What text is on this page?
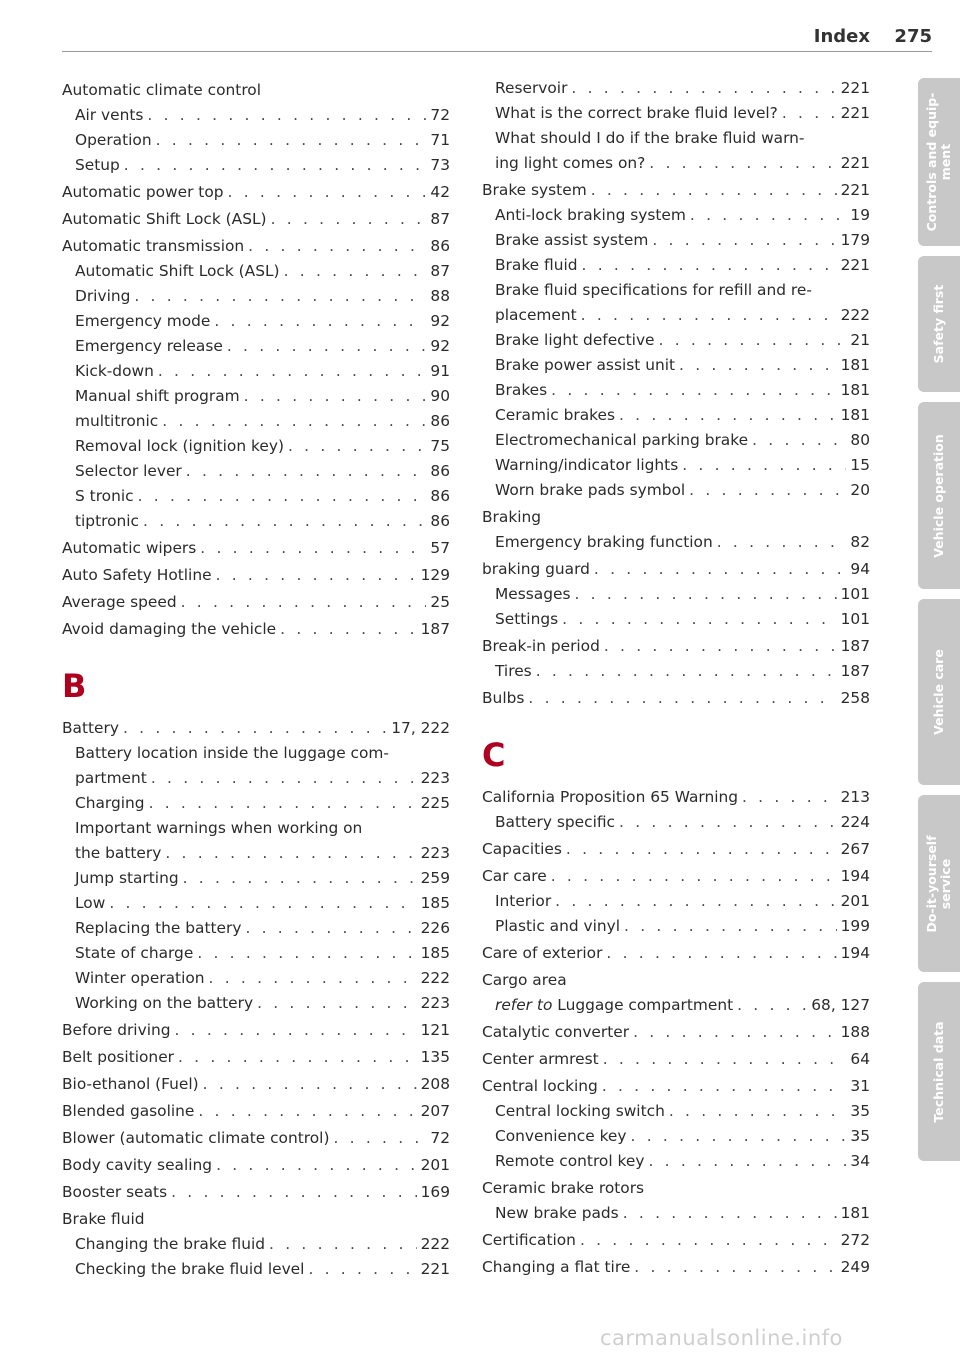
Index 275
Automatic climate control
Air vents . . .	72
Operation . . .	71
Setup . . .	73
Automatic power top . . .	42
Automatic Shift Lock (ASL) . . .	87
Automatic transmission . . .	86
Automatic Shift Lock (ASL) . . .	87
Driving . . .	88
Emergency mode . . .	92
Emergency release . . .	92
Kick-down . . .	91
Manual shift program . . .	90
multitronic . . .	86
Removal lock (ignition key) . . .	75
Selector lever . . .	86
S tronic . . .	86
tiptronic . . .	86
Automatic wipers . . .	57
Auto Safety Hotline . . .	129
Average speed . . .	25
Avoid damaging the vehicle . . .	187
B
Battery . . .	17, 222
Battery location inside the luggage com-
partment . . .	223
Charging . . .	225
Important warnings when working on
the battery . . .	223
Jump starting . . .	259
Low . . .	185
Replacing the battery . . .	226
State of charge . . .	185
Winter operation . . .	222
Working on the battery . . .	223
Before driving . . .	121
Belt positioner . . .	135
Bio-ethanol (Fuel) . . .	208
Blended gasoline . . .	207
Blower (automatic climate control) . . .	72
Body cavity sealing . . .	201
Booster seats . . .	169
Brake fluid
Changing the brake fluid . . .	222
Checking the brake fluid level . . .	221
Reservoir . . .	221
What is the correct brake fluid level? . . .	221
What should I do if the brake fluid warn-
ing light comes on? . . .	221
Brake system . . .	221
Anti-lock braking system . . .	19
Brake assist system . . .	179
Brake fluid . . .	221
Brake fluid specifications for refill and re-
placement . . .	222
Brake light defective . . .	21
Brake power assist unit . . .	181
Brakes . . .	181
Ceramic brakes . . .	181
Electromechanical parking brake . . .	80
Warning/indicator lights . . .	15
Worn brake pads symbol . . .	20
Braking
Emergency braking function . . .	82
braking guard . . .	94
Messages . . .	101
Settings . . .	101
Break-in period . . .	187
Tires . . .	187
Bulbs . . .	258
C
California Proposition 65 Warning . . .	213
Battery specific . . .	224
Capacities . . .	267
Car care . . .	194
Interior . . .	201
Plastic and vinyl . . .	199
Care of exterior . . .	194
Cargo area
refer to Luggage compartment . . .	68, 127
Catalytic converter . . .	188
Center armrest . . .	64
Central locking . . .	31
Central locking switch . . .	35
Convenience key . . .	35
Remote control key . . .	34
Ceramic brake rotors
New brake pads . . .	181
Certification . . .	272
Changing a flat tire . . .	249
Controls and equip-
ment
Safety first
Vehicle operation
Vehicle care
Do-it-yourself
service
Technical data
carmanualsonline.info
